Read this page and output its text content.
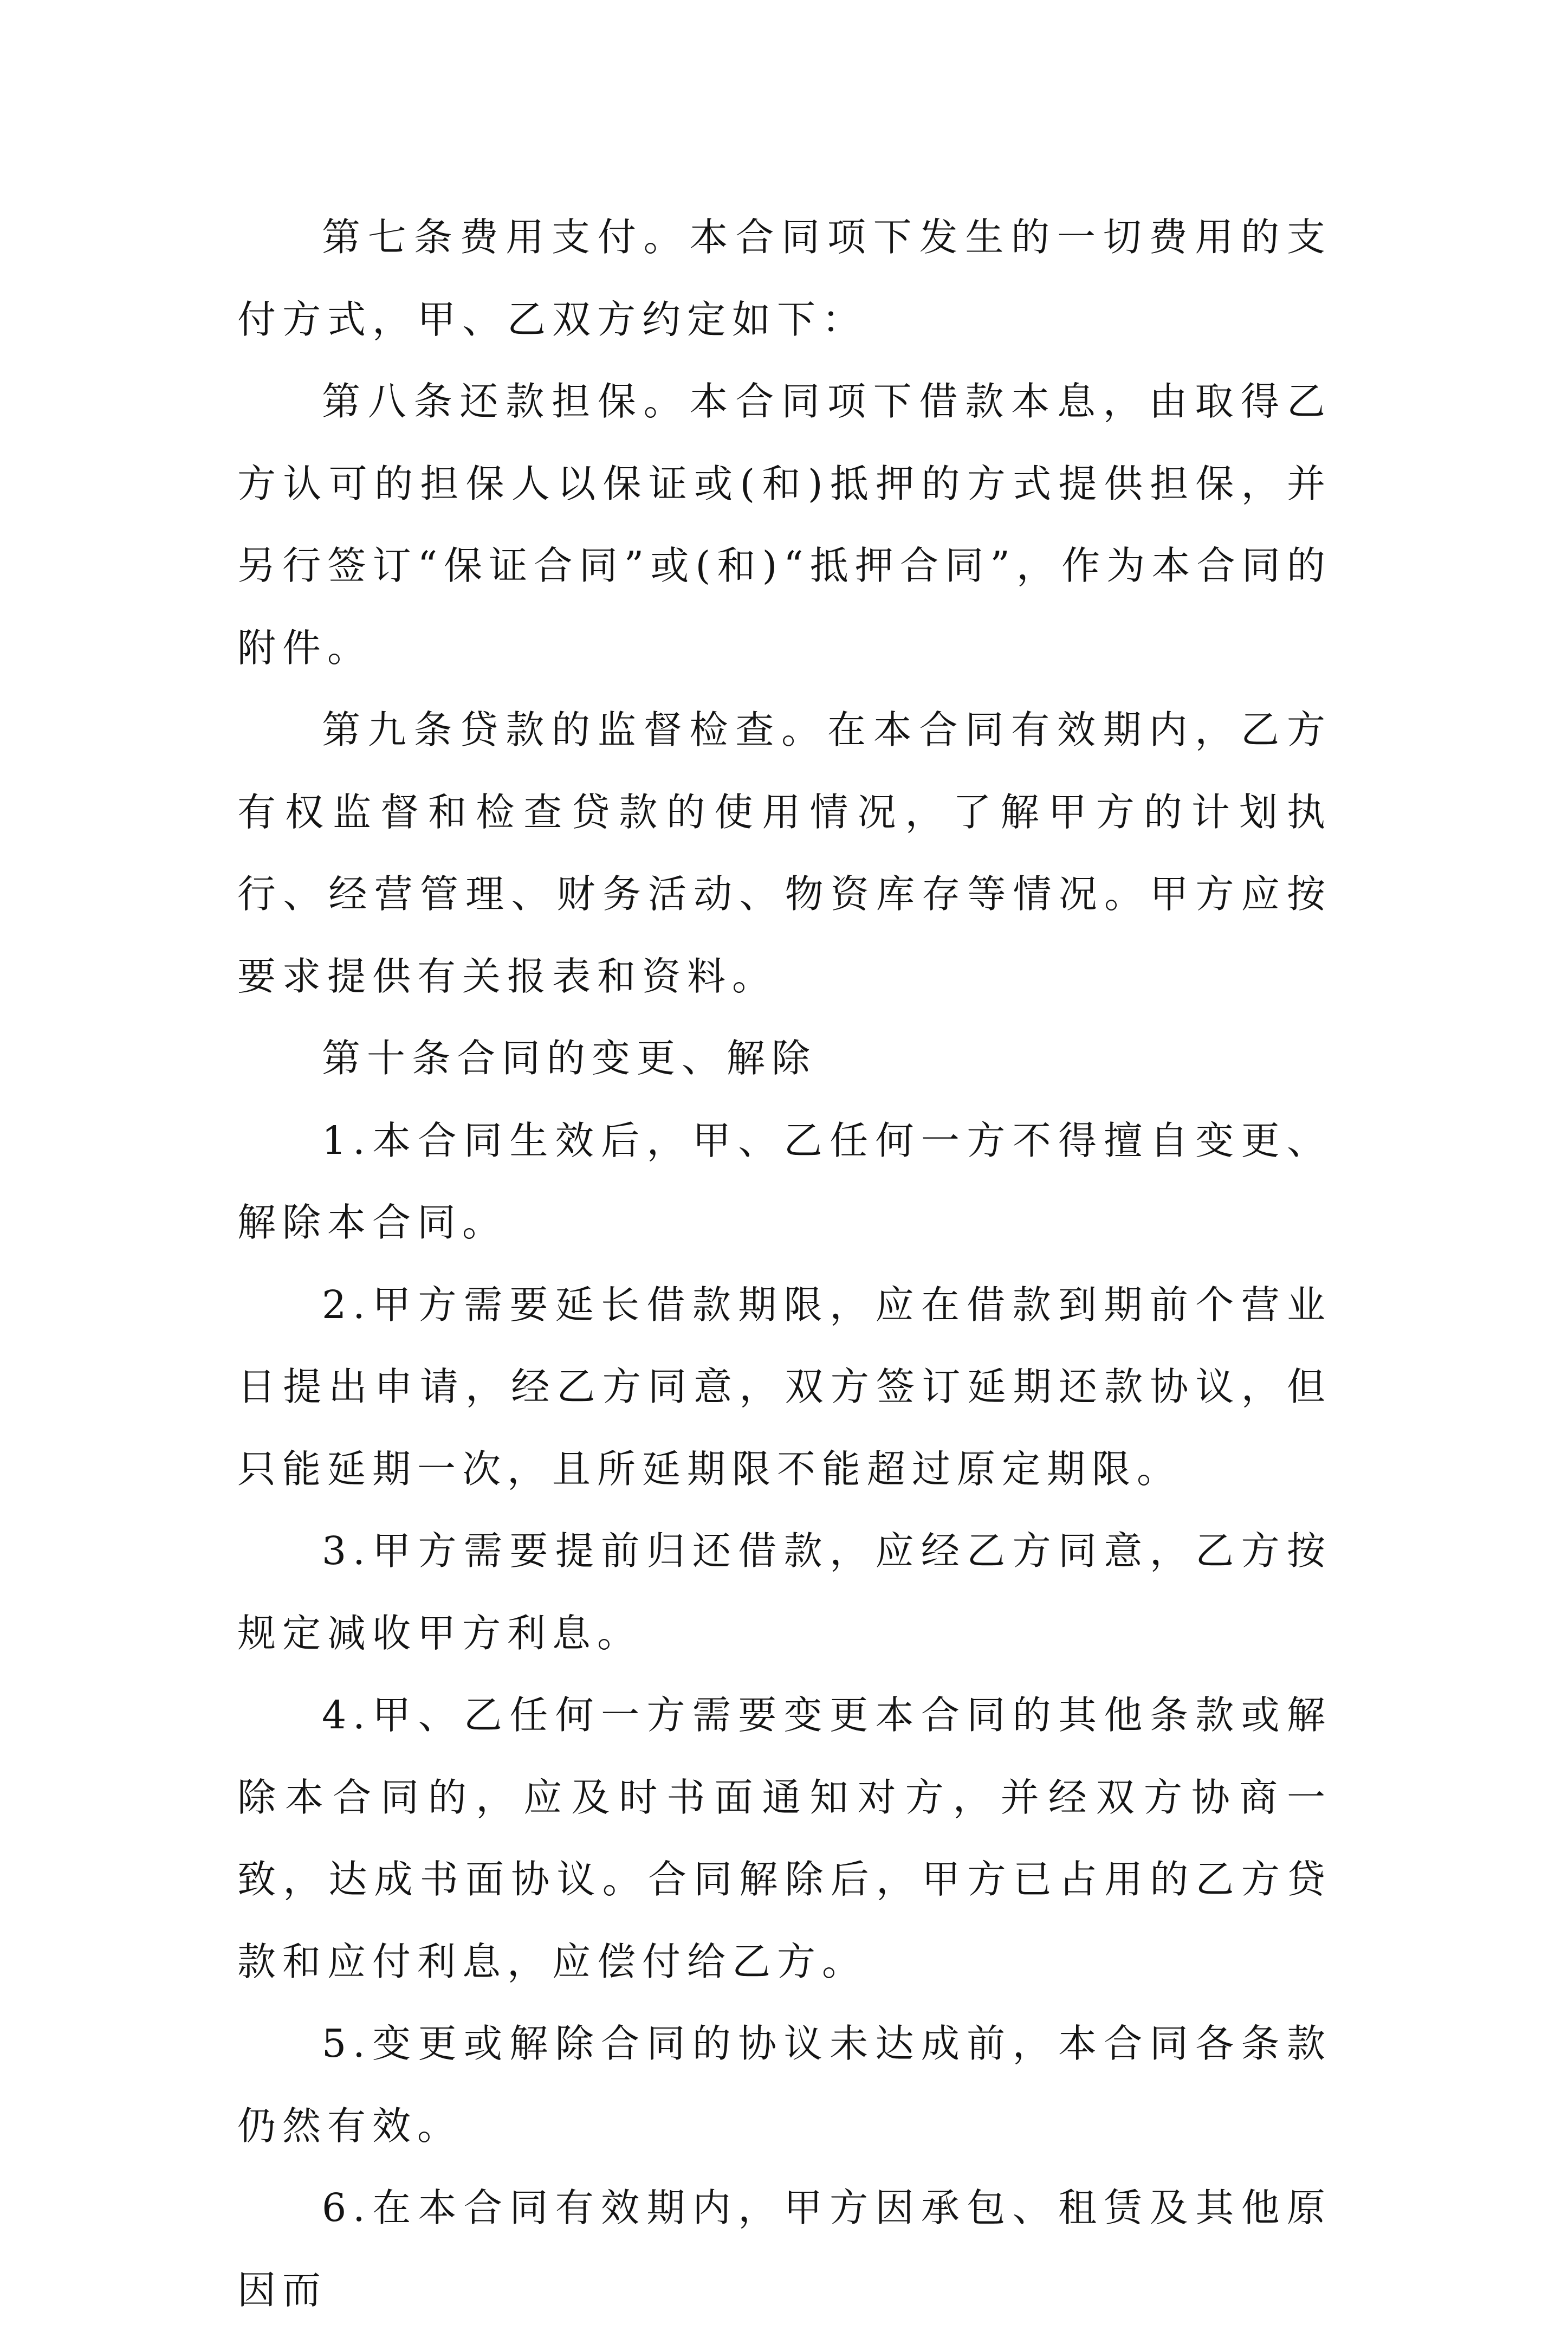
第七条费用支付。本合同项下发生的一切费用的支付方式，甲、乙双方约定如下：

第八条还款担保。本合同项下借款本息，由取得乙方认可的担保人以保证或(和)抵押的方式提供担保，并另行签订“保证合同”或(和)“抵押合同”，作为本合同的附件。

第九条贷款的监督检查。在本合同有效期内，乙方有权监督和检查贷款的使用情况，了解甲方的计划执行、经营管理、财务活动、物资库存等情况。甲方应按要求提供有关报表和资料。

第十条合同的变更、解除

1.本合同生效后，甲、乙任何一方不得擅自变更、解除本合同。

2.甲方需要延长借款期限，应在借款到期前个营业日提出申请，经乙方同意，双方签订延期还款协议，但只能延期一次，且所延期限不能超过原定期限。

3.甲方需要提前归还借款，应经乙方同意，乙方按规定减收甲方利息。

4.甲、乙任何一方需要变更本合同的其他条款或解除本合同的，应及时书面通知对方，并经双方协商一致，达成书面协议。合同解除后，甲方已占用的乙方贷款和应付利息，应偿付给乙方。

5.变更或解除合同的协议未达成前，本合同各条款仍然有效。

6.在本合同有效期内，甲方因承包、租赁及其他原因而
